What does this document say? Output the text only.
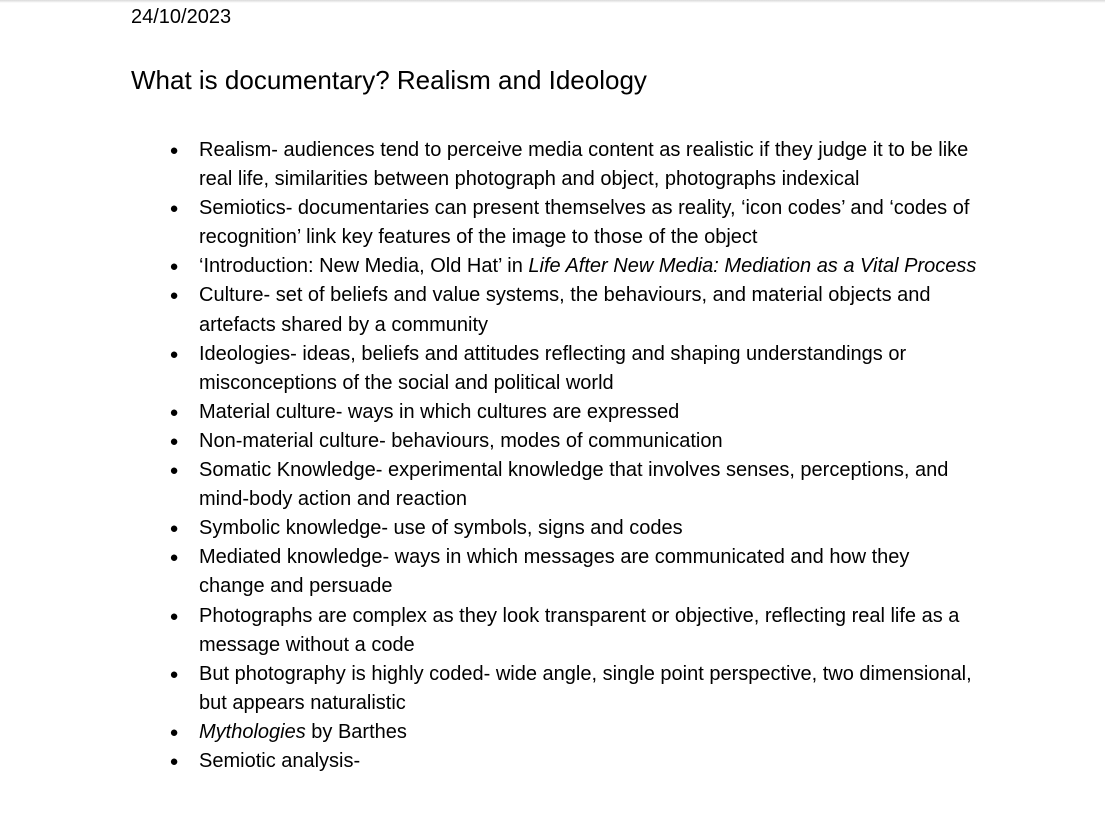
24/10/2023
What is documentary? Realism and Ideology
● Realism- audiences tend to perceive media content as realistic if they judge it to be like real life, similarities between photograph and object, photographs indexical
● Semiotics- documentaries can present themselves as reality, ‘icon codes’ and ‘codes of recognition’ link key features of the image to those of the object
● ‘Introduction: New Media, Old Hat’ in Life After New Media: Mediation as a Vital Process
● Culture- set of beliefs and value systems, the behaviours, and material objects and artefacts shared by a community
● Ideologies- ideas, beliefs and attitudes reflecting and shaping understandings or misconceptions of the social and political world
● Material culture- ways in which cultures are expressed
● Non-material culture- behaviours, modes of communication
● Somatic Knowledge- experimental knowledge that involves senses, perceptions, and mind-body action and reaction
● Symbolic knowledge- use of symbols, signs and codes
● Mediated knowledge- ways in which messages are communicated and how they change and persuade
● Photographs are complex as they look transparent or objective, reflecting real life as a message without a code
● But photography is highly coded- wide angle, single point perspective, two dimensional, but appears naturalistic
● Mythologies by Barthes
● Semiotic analysis-
